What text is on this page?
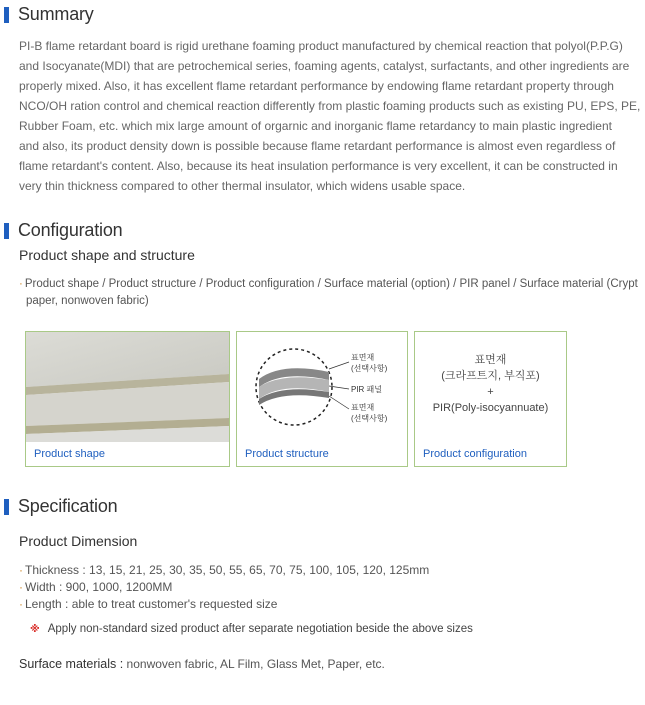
Summary
PI-B flame retardant board is rigid urethane foaming product manufactured by chemical reaction that polyol(P.P.G)
and Isocyanate(MDI) that are petrochemical series, foaming agents, catalyst, surfactants, and other ingredients are
properly mixed. Also, it has excellent flame retardant performance by endowing flame retardant property through
NCO/OH ration control and chemical reaction differently from plastic foaming products such as existing PU, EPS, PE,
Rubber Foam, etc. which mix large amount of orgarnic and inorganic flame retardancy to main plastic ingredient
and also, its product density down is possible because flame retardant performance is almost even regardless of
flame retardant's content. Also, because its heat insulation performance is very excellent, it can be constructed in
very thin thickness compared to other thermal insulator, which widens usable space.
Configuration
Product shape and structure
· Product shape / Product structure / Product configuration / Surface material (option) / PIR panel / Surface material (Crypt
paper, nonwoven fabric)
Product shape
표면재
(선택사항)
PIR 패널
표면재
(선택사항)
Product structure
표면재
(크라프트지, 부직포)
+
PIR(Poly-isocyannuate)
Product configuration
Specification
Product Dimension
· Thickness : 13, 15, 21, 25, 30, 35, 50, 55, 65, 70, 75, 100, 105, 120, 125mm
· Width : 900, 1000, 1200MM
· Length : able to treat customer's requested size
※ Apply non-standard sized product after separate negotiation beside the above sizes
Surface materials : nonwoven fabric, AL Film, Glass Met, Paper, etc.
